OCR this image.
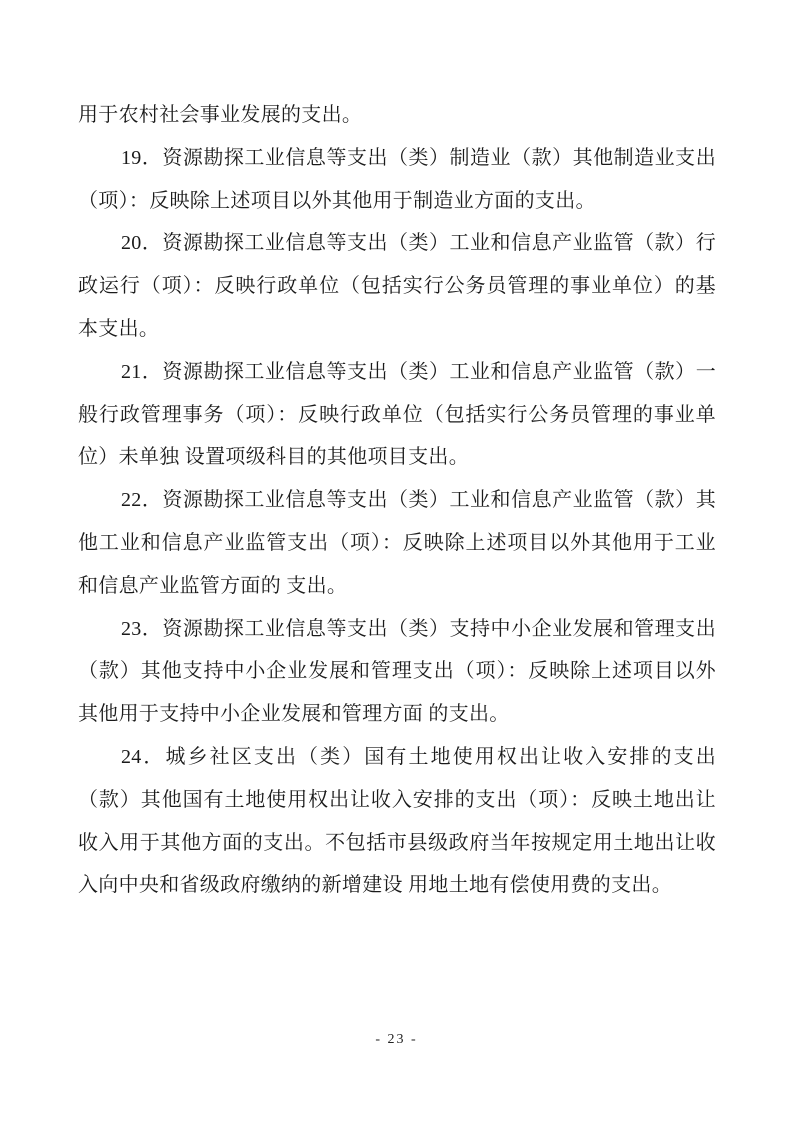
用于农村社会事业发展的支出。

19．资源勘探工业信息等支出（类）制造业（款）其他制造业支出（项）：反映除上述项目以外其他用于制造业方面的支出。

20．资源勘探工业信息等支出（类）工业和信息产业监管（款）行政运行（项）：反映行政单位（包括实行公务员管理的事业单位）的基本支出。

21．资源勘探工业信息等支出（类）工业和信息产业监管（款）一般行政管理事务（项）：反映行政单位（包括实行公务员管理的事业单位）未单独 设置项级科目的其他项目支出。

22．资源勘探工业信息等支出（类）工业和信息产业监管（款）其他工业和信息产业监管支出（项）：反映除上述项目以外其他用于工业和信息产业监管方面的 支出。

23．资源勘探工业信息等支出（类）支持中小企业发展和管理支出（款）其他支持中小企业发展和管理支出（项）：反映除上述项目以外其他用于支持中小企业发展和管理方面 的支出。

24．城乡社区支出（类）国有土地使用权出让收入安排的支出（款）其他国有土地使用权出让收入安排的支出（项）：反映土地出让收入用于其他方面的支出。不包括市县级政府当年按规定用土地出让收入向中央和省级政府缴纳的新增建设 用地土地有偿使用费的支出。

- 23 -
